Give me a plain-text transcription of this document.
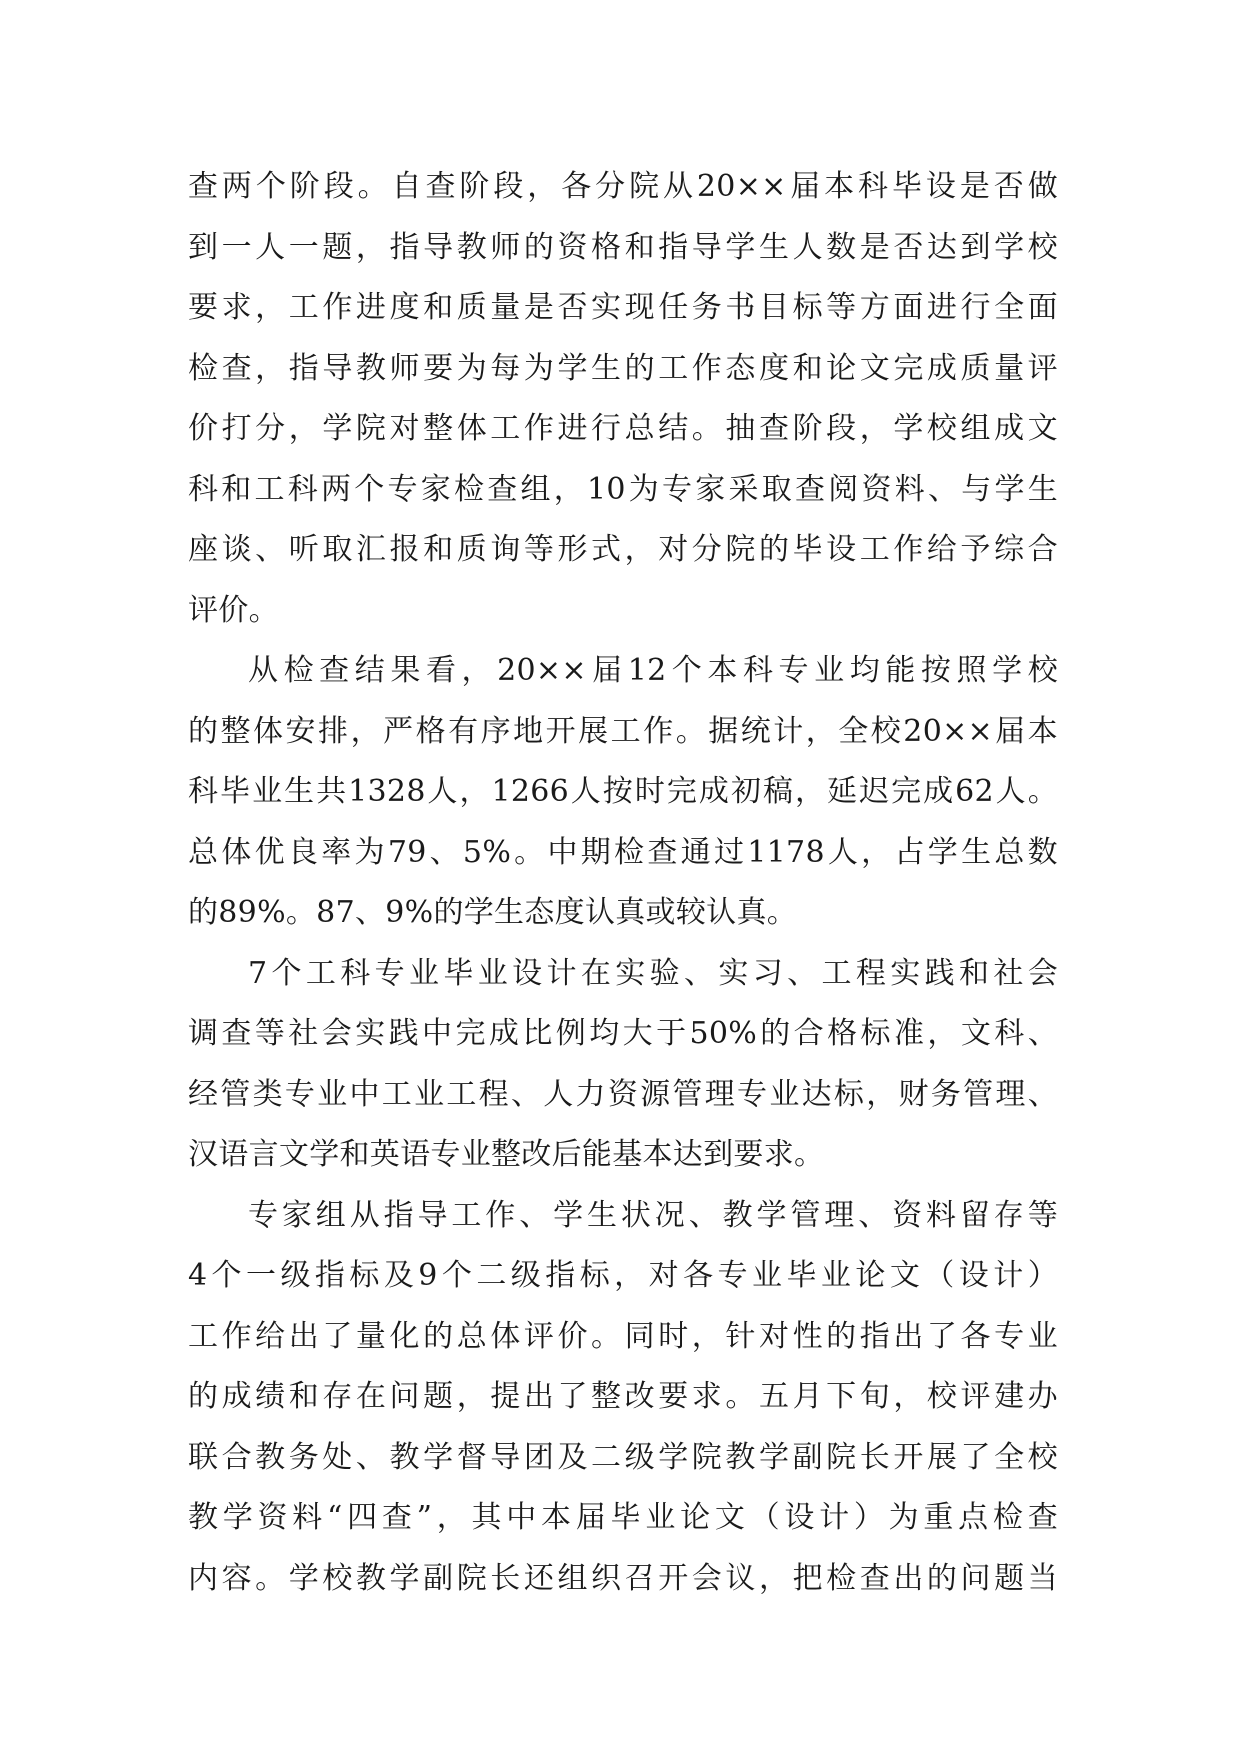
查两个阶段。自查阶段，各分院从20××届本科毕设是否做
到一人一题，指导教师的资格和指导学生人数是否达到学校
要求，工作进度和质量是否实现任务书目标等方面进行全面
检查，指导教师要为每为学生的工作态度和论文完成质量评
价打分，学院对整体工作进行总结。抽查阶段，学校组成文
科和工科两个专家检查组，10为专家采取查阅资料、与学生
座谈、听取汇报和质询等形式，对分院的毕设工作给予综合
评价。
从检查结果看，20××届12个本科专业均能按照学校
的整体安排，严格有序地开展工作。据统计，全校20××届本
科毕业生共1328人，1266人按时完成初稿，延迟完成62人。
总体优良率为79、5%。中期检查通过1178人，占学生总数
的89%。87、9%的学生态度认真或较认真。
7个工科专业毕业设计在实验、实习、工程实践和社会
调查等社会实践中完成比例均大于50%的合格标准，文科、
经管类专业中工业工程、人力资源管理专业达标，财务管理、
汉语言文学和英语专业整改后能基本达到要求。
专家组从指导工作、学生状况、教学管理、资料留存等
4个一级指标及9个二级指标，对各专业毕业论文（设计）
工作给出了量化的总体评价。同时，针对性的指出了各专业
的成绩和存在问题，提出了整改要求。五月下旬，校评建办
联合教务处、教学督导团及二级学院教学副院长开展了全校
教学资料“四查”，其中本届毕业论文（设计）为重点检查
内容。学校教学副院长还组织召开会议，把检查出的问题当
